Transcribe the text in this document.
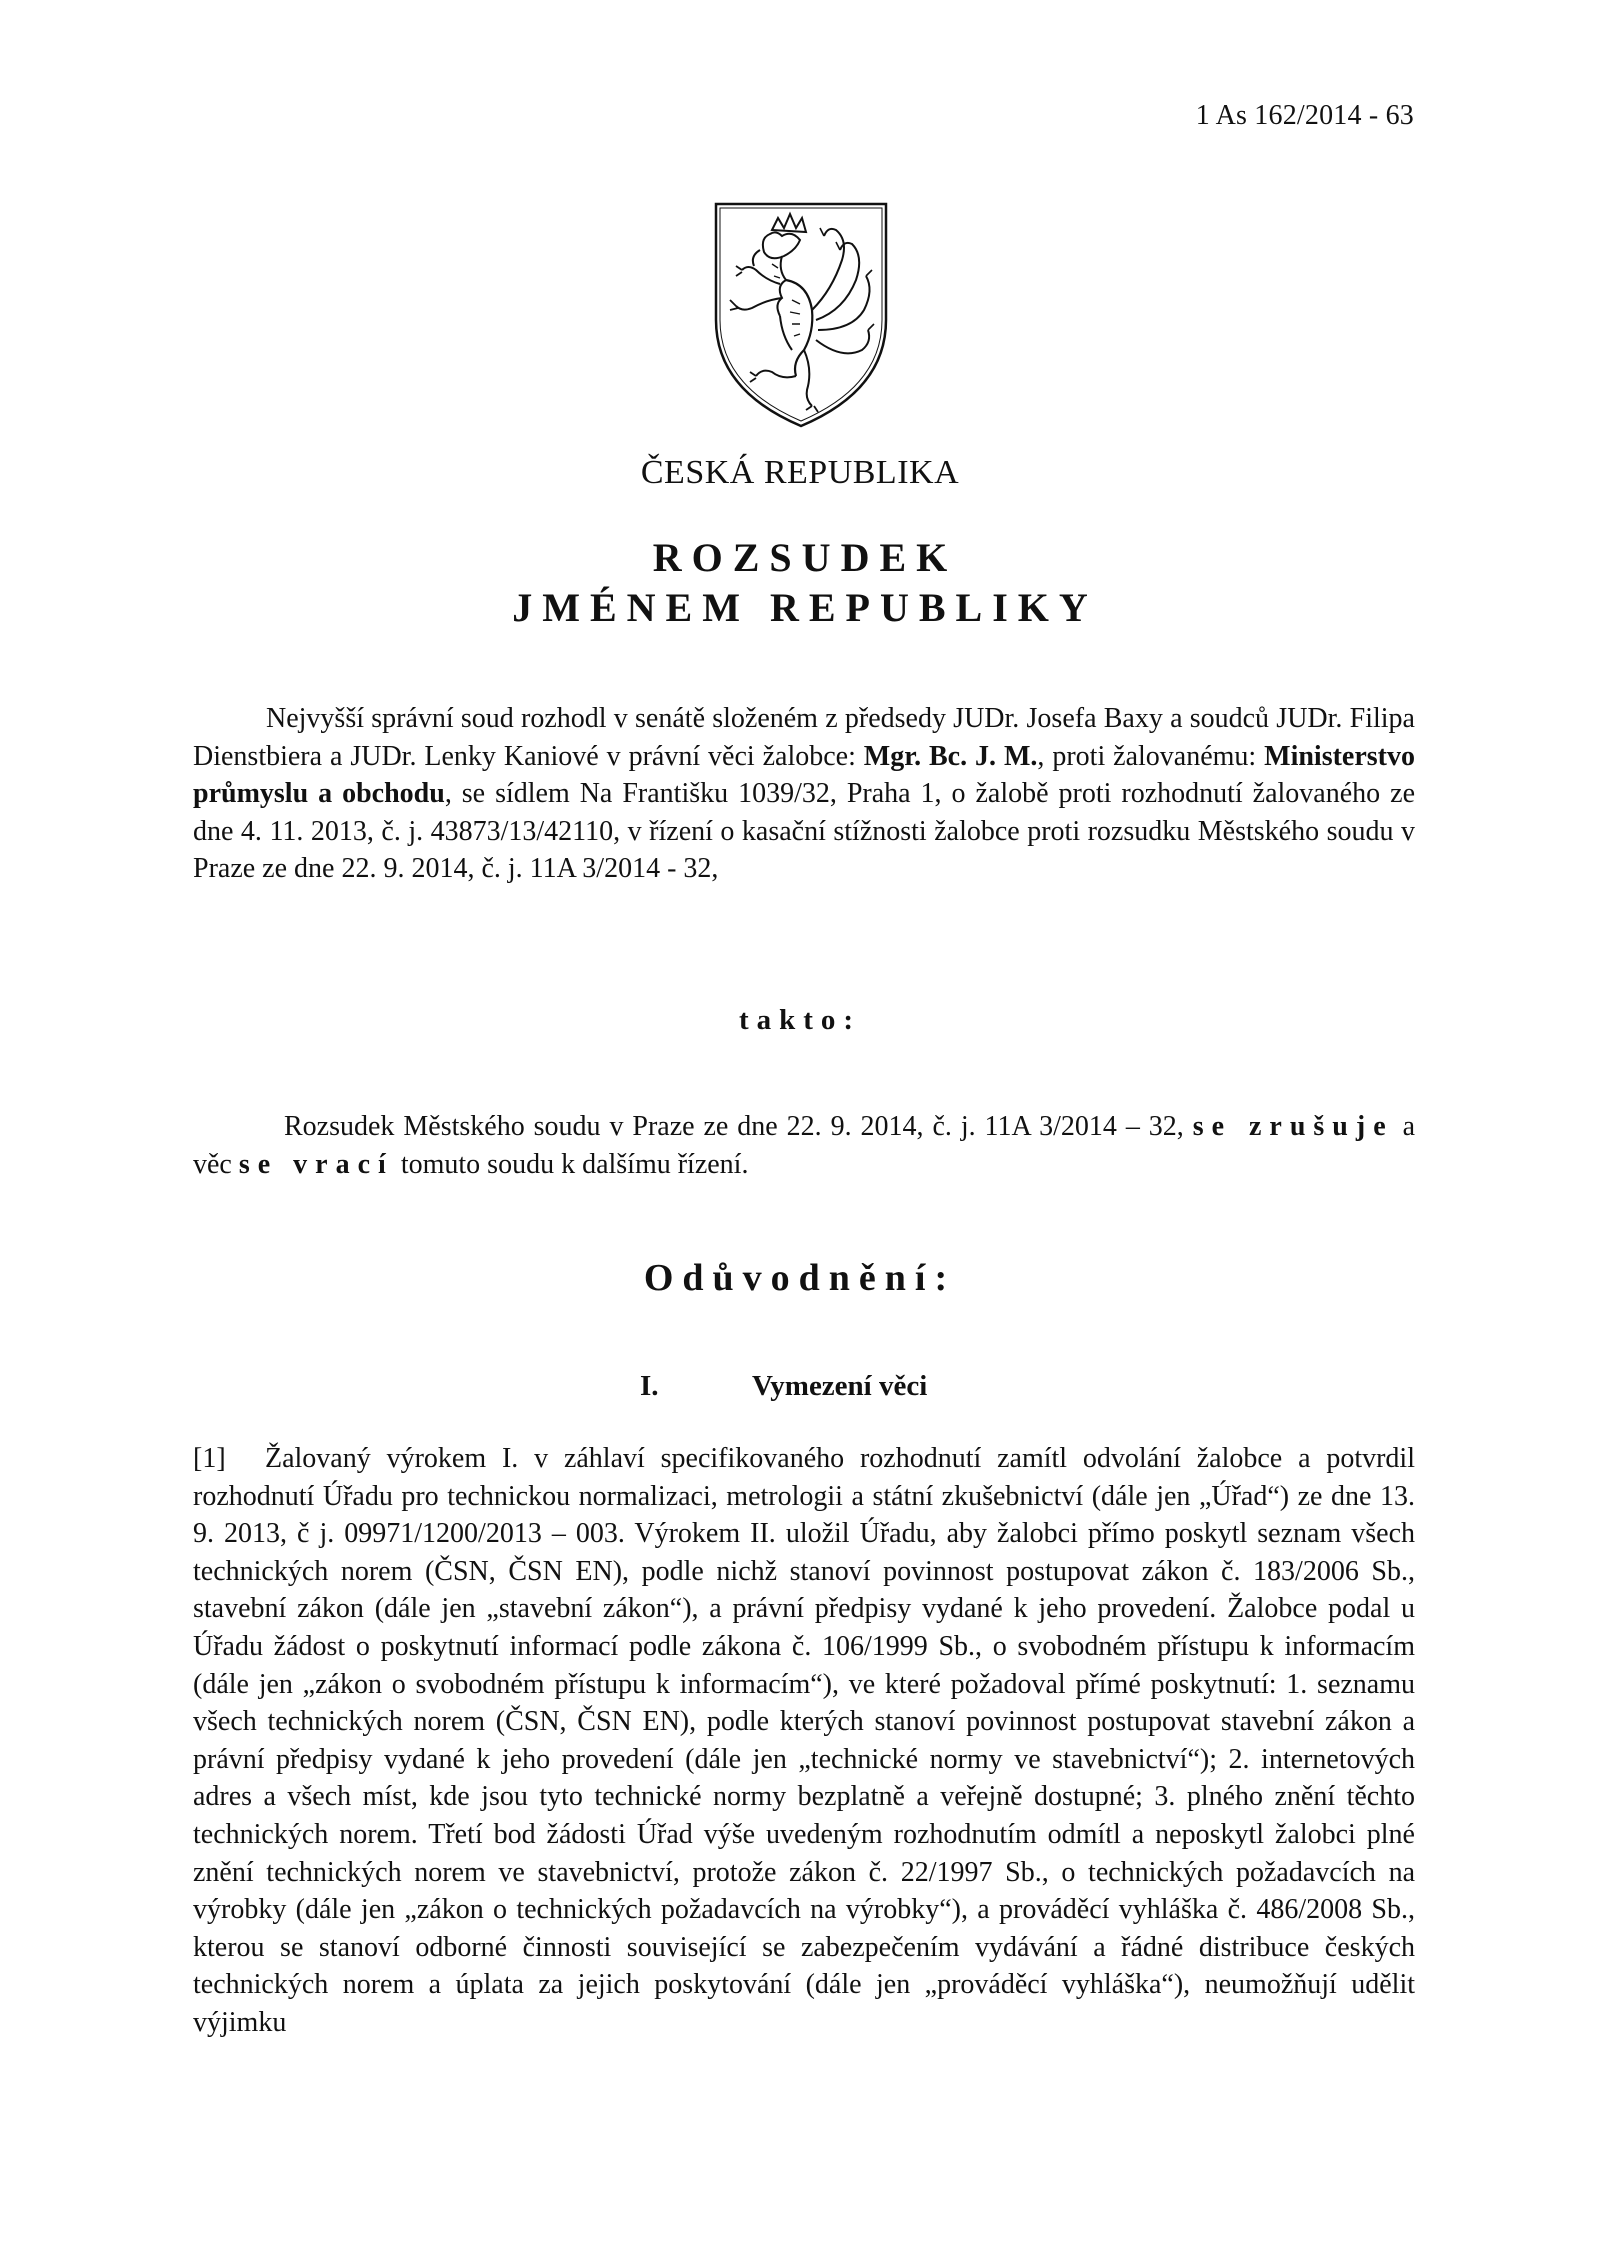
1 As 162/2014 - 63
ČESKÁ REPUBLIKA
ROZSUDEK
JMÉNEM REPUBLIKY

Nejvyšší správní soud rozhodl v senátě složeném z předsedy JUDr. Josefa Baxy a soudců JUDr. Filipa Dienstbiera a JUDr. Lenky Kaniové v právní věci žalobce: Mgr. Bc. J. M., proti žalovanému: Ministerstvo průmyslu a obchodu, se sídlem Na Františku 1039/32, Praha 1, o žalobě proti rozhodnutí žalovaného ze dne 4. 11. 2013, č. j. 43873/13/42110, v řízení o kasační stížnosti žalobce proti rozsudku Městského soudu v Praze ze dne 22. 9. 2014, č. j. 11A 3/2014 - 32,

takto:

Rozsudek Městského soudu v Praze ze dne 22. 9. 2014, č. j. 11A 3/2014 – 32, se zrušuje a věc se vrací tomuto soudu k dalšímu řízení.

Odůvodnění:
I.	Vymezení věci

[1] Žalovaný výrokem I. v záhlaví specifikovaného rozhodnutí zamítl odvolání žalobce a potvrdil rozhodnutí Úřadu pro technickou normalizaci, metrologii a státní zkušebnictví (dále jen „Úřad“) ze dne 13. 9. 2013, č j. 09971/1200/2013 – 003. Výrokem II. uložil Úřadu, aby žalobci přímo poskytl seznam všech technických norem (ČSN, ČSN EN), podle nichž stanoví povinnost postupovat zákon č. 183/2006 Sb., stavební zákon (dále jen „stavební zákon“), a právní předpisy vydané k jeho provedení. Žalobce podal u Úřadu žádost o poskytnutí informací podle zákona č. 106/1999 Sb., o svobodném přístupu k informacím (dále jen „zákon o svobodném přístupu k informacím“), ve které požadoval přímé poskytnutí: 1. seznamu všech technických norem (ČSN, ČSN EN), podle kterých stanoví povinnost postupovat stavební zákon a právní předpisy vydané k jeho provedení (dále jen „technické normy ve stavebnictví“); 2. internetových adres a všech míst, kde jsou tyto technické normy bezplatně a veřejně dostupné; 3. plného znění těchto technických norem. Třetí bod žádosti Úřad výše uvedeným rozhodnutím odmítl a neposkytl žalobci plné znění technických norem ve stavebnictví, protože zákon č. 22/1997 Sb., o technických požadavcích na výrobky (dále jen „zákon o technických požadavcích na výrobky“), a prováděcí vyhláška č. 486/2008 Sb., kterou se stanoví odborné činnosti související se zabezpečením vydávání a řádné distribuce českých technických norem a úplata za jejich poskytování (dále jen „prováděcí vyhláška“), neumožňují udělit výjimku
